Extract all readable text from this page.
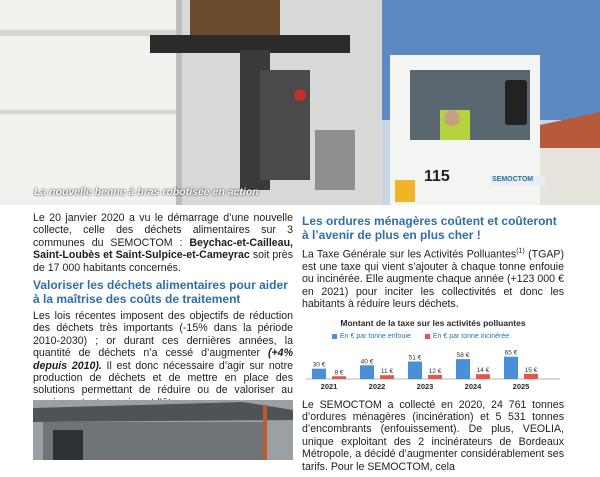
115	SEMOCTOM
La nouvelle benne à bras robotisée en action

Le 20 janvier 2020 a vu le démarrage d’une nouvelle collecte, celle des déchets alimentaires sur 3 communes du SEMOCTOM : Beychac-et-Cailleau, Saint-Loubès et Saint-Sulpice-et-Cameyrac soit près de 17 000 habitants concernés.

Valoriser les déchets alimentaires pour aider à la maîtrise des coûts de traitement

Les lois récentes imposent des objectifs de réduction des déchets très importants (-15% dans la période 2010-2030) ; or durant ces dernières années, la quantité de déchets n’a cessé d’augmenter (+4% depuis 2010). Il est donc nécessaire d’agir sur notre production de déchets et de mettre en place des solutions permettant de réduire ou de valoriser au

Les ordures ménagères coûtent et coûteront à l’avenir de plus en plus cher !

La Taxe Générale sur les Activités Polluantes$^{(1)}$ (TGAP) est une taxe qui vient s’ajouter à chaque tonne enfouie ou incinérée. Elle augmente chaque année (+123 000 € en 2021) pour inciter les collectivités et donc les habitants à réduire leurs déchets.

Montant de la taxe sur les activités polluantes
En € par tonne enfouie	En € par tonne incinérée
30 €
8 €
2021
40 €
11 €
2022
51 €
12 €
2023
58 €
14 €
2024
65 €
15 €
2025

Le SEMOCTOM a collecté en 2020, 24 761 tonnes d’ordures ménagères (incinération) et 5 531 tonnes d’encombrants (enfouissement). De plus, VEOLIA, unique exploitant des 2 incinérateurs de Bordeaux Métropole, a décidé d’augmenter considérablement ses tarifs. Pour le SEMOCTOM, cela
